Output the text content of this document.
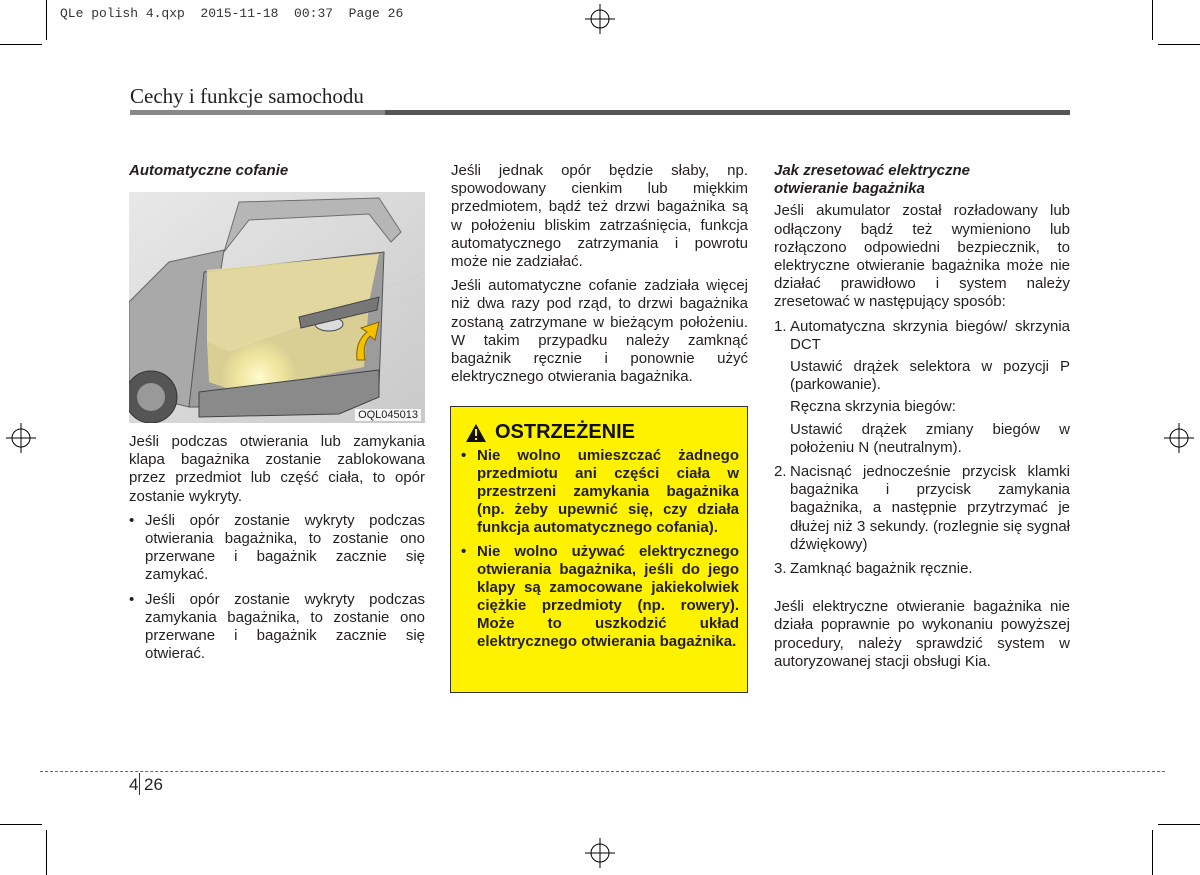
QLe polish 4.qxp  2015-11-18  00:37  Page 26
Cechy i funkcje samochodu
Automatyczne cofanie
OQL045013

Jeśli podczas otwierania lub zamykania klapa bagażnika zostanie zablokowana przez przedmiot lub część ciała, to opór zostanie wykryty.

• Jeśli opór zostanie wykryty podczas otwierania bagażnika, to zostanie ono przerwane i bagażnik zacznie się zamykać.
• Jeśli opór zostanie wykryty podczas zamykania bagażnika, to zostanie ono przerwane i bagażnik zacznie się otwierać.

Jeśli jednak opór będzie słaby, np. spowodowany cienkim lub miękkim przedmiotem, bądź też drzwi bagażnika są w położeniu bliskim zatrzaśnięcia, funkcja automatycznego zatrzymania i powrotu może nie zadziałać.

Jeśli automatyczne cofanie zadziała więcej niż dwa razy pod rząd, to drzwi bagażnika zostaną zatrzymane w bieżącym położeniu. W takim przypadku należy zamknąć bagażnik ręcznie i ponownie użyć elektrycznego otwierania bagażnika.

OSTRZEŻENIE
• Nie wolno umieszczać żadnego przedmiotu ani części ciała w przestrzeni zamykania bagażnika (np. żeby upewnić się, czy działa funkcja automatycznego cofania).
• Nie wolno używać elektrycznego otwierania bagażnika, jeśli do jego klapy są zamocowane jakiekolwiek ciężkie przedmioty (np. rowery). Może to uszkodzić układ elektrycznego otwierania bagażnika.
Jak zresetować elektryczne
otwieranie bagażnika

Jeśli akumulator został rozładowany lub odłączony bądź też wymieniono lub rozłączono odpowiedni bezpiecznik, to elektryczne otwieranie bagażnika może nie działać prawidłowo i system należy zresetować w następujący sposób:

1. Automatyczna skrzynia biegów/ skrzynia DCT

Ustawić drążek selektora w pozycji P (parkowanie).

Ręczna skrzynia biegów:

Ustawić drążek zmiany biegów w położeniu N (neutralnym).

2. Nacisnąć jednocześnie przycisk klamki bagażnika i przycisk zamykania bagażnika, a następnie przytrzymać je dłużej niż 3 sekundy. (rozlegnie się sygnał dźwiękowy)
3. Zamknąć bagażnik ręcznie.

Jeśli elektryczne otwieranie bagażnika nie działa poprawnie po wykonaniu powyższej procedury, należy sprawdzić system w autoryzowanej stacji obsługi Kia.

4 26
